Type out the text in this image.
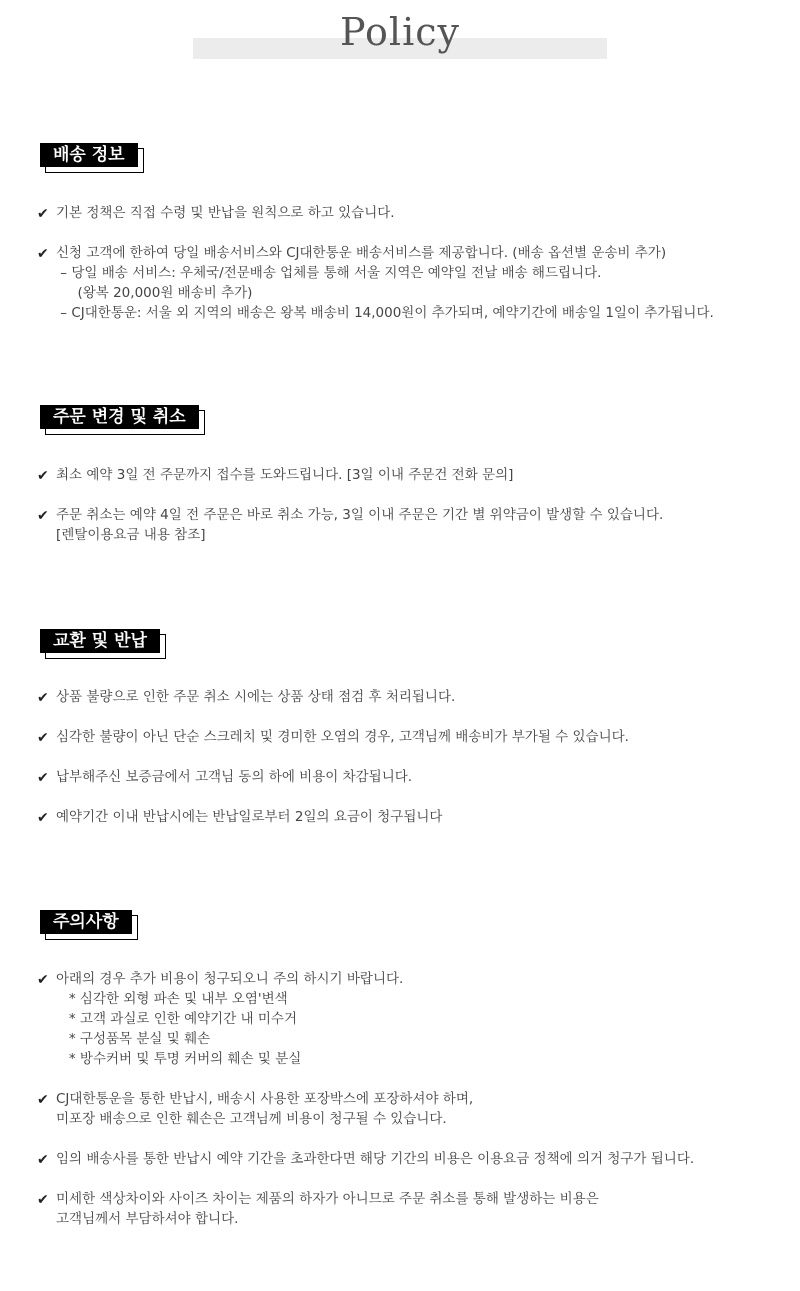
Policy
배송 정보
✔ 기본 정책은 직접 수령 및 반납을 원칙으로 하고 있습니다.
✔ 신청 고객에 한하여 당일 배송서비스와 CJ대한통운 배송서비스를 제공합니다. (배송 옵션별 운송비 추가)
– 당일 배송 서비스: 우체국/전문배송 업체를 통해 서울 지역은 예약일 전날 배송 해드립니다.
(왕복 20,000원 배송비 추가)
– CJ대한통운: 서울 외 지역의 배송은 왕복 배송비 14,000원이 추가되며, 예약기간에 배송일 1일이 추가됩니다.
주문 변경 및 취소
✔ 최소 예약 3일 전 주문까지 접수를 도와드립니다. [3일 이내 주문건 전화 문의]
✔ 주문 취소는 예약 4일 전 주문은 바로 취소 가능, 3일 이내 주문은 기간 별 위약금이 발생할 수 있습니다.
[렌탈이용요금 내용 참조]
교환 및 반납
✔ 상품 불량으로 인한 주문 취소 시에는 상품 상태 점검 후 처리됩니다.
✔ 심각한 불량이 아닌 단순 스크레치 및 경미한 오염의 경우, 고객님께 배송비가 부가될 수 있습니다.
✔ 납부해주신 보증금에서 고객님 동의 하에 비용이 차감됩니다.
✔ 예약기간 이내 반납시에는 반납일로부터 2일의 요금이 청구됩니다
주의사항
✔ 아래의 경우 추가 비용이 청구되오니 주의 하시기 바랍니다.
* 심각한 외형 파손 및 내부 오염'변색
* 고객 과실로 인한 예약기간 내 미수거
* 구성품목 분실 및 훼손
* 방수커버 및 투명 커버의 훼손 및 분실
✔ CJ대한통운을 통한 반납시, 배송시 사용한 포장박스에 포장하셔야 하며,
미포장 배송으로 인한 훼손은 고객님께 비용이 청구될 수 있습니다.
✔ 임의 배송사를 통한 반납시 예약 기간을 초과한다면 해당 기간의 비용은 이용요금 정책에 의거 청구가 됩니다.
✔ 미세한 색상차이와 사이즈 차이는 제품의 하자가 아니므로 주문 취소를 통해 발생하는 비용은
고객님께서 부담하셔야 합니다.
